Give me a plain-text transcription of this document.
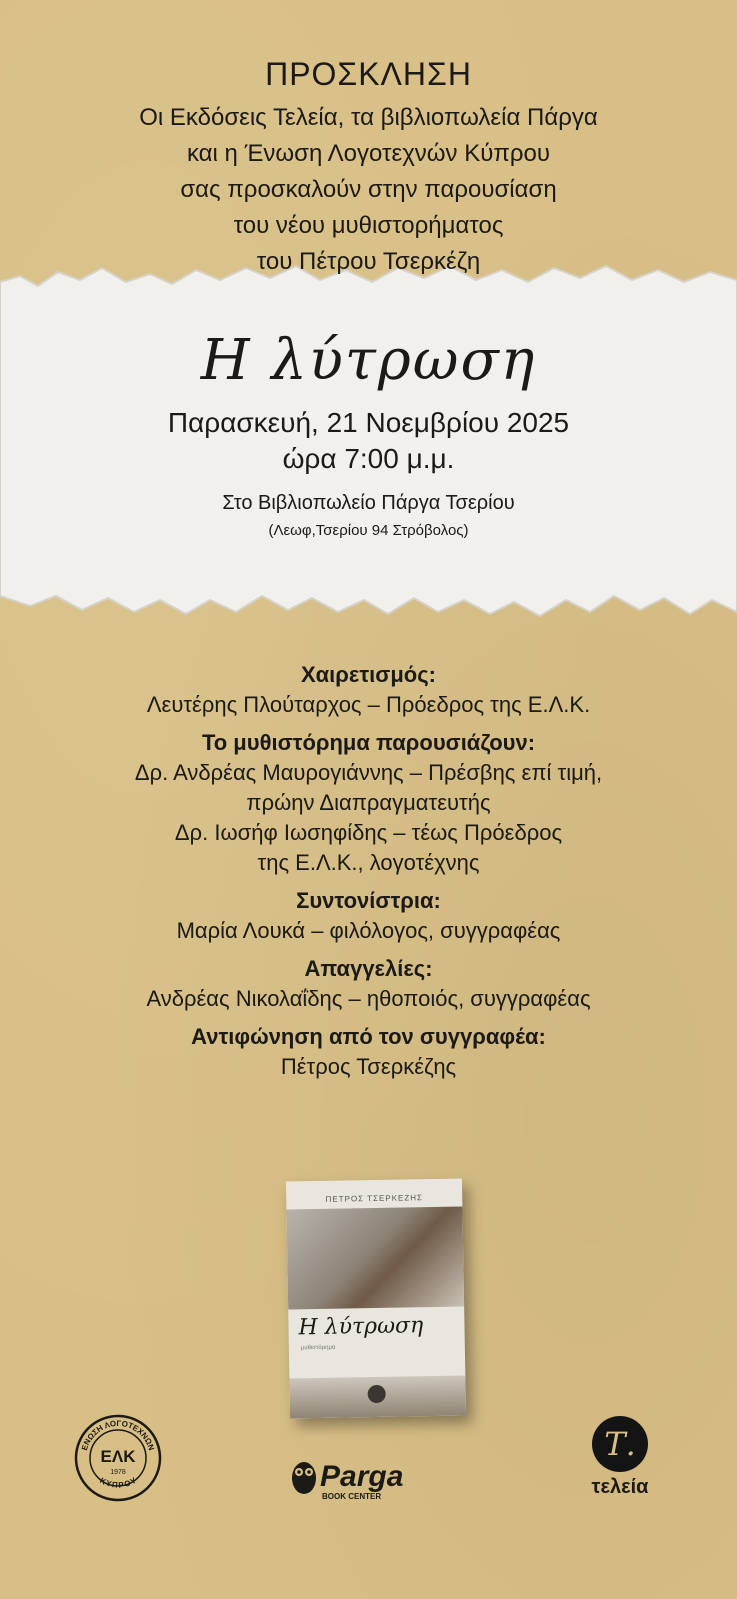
ΠΡΟΣΚΛΗΣΗ
Οι Εκδόσεις Τελεία, τα βιβλιοπωλεία Πάργα
και η Ένωση Λογοτεχνών Κύπρου
σας προσκαλούν στην παρουσίαση
του νέου μυθιστορήματος
του Πέτρου Τσερκέζη
Η λύτρωση
Παρασκευή, 21 Νοεμβρίου 2025
ώρα 7:00 μ.μ.
Στο Βιβλιοπωλείο Πάργα Τσερίου
(Λεωφ,Τσερίου 94 Στρόβολος)
Χαιρετισμός:
Λευτέρης Πλούταρχος – Πρόεδρος της Ε.Λ.Κ.
Το μυθιστόρημα παρουσιάζουν:
Δρ. Ανδρέας Μαυρογιάννης – Πρέσβης επί τιμή,
πρώην Διαπραγματευτής
Δρ. Ιωσήφ Ιωσηφίδης – τέως Πρόεδρος
της Ε.Λ.Κ., λογοτέχνης
Συντονίστρια:
Μαρία Λουκά – φιλόλογος, συγγραφέας
Απαγγελίες:
Ανδρέας Νικολαΐδης – ηθοποιός, συγγραφέας
Αντιφώνηση από τον συγγραφέα:
Πέτρος Τσερκέζης
ΠΕΤΡΟΣ ΤΣΕΡΚΕΖΗΣ
Η λύτρωση
μυθιστόρημα
ΕΝΩΣΗ ΛΟΓΟΤΕΧΝΩΝ
ΚΥΠΡΟΥ
ΕΛΚ
1978	Parga
BOOK CENTER
Τ.
τελεία
